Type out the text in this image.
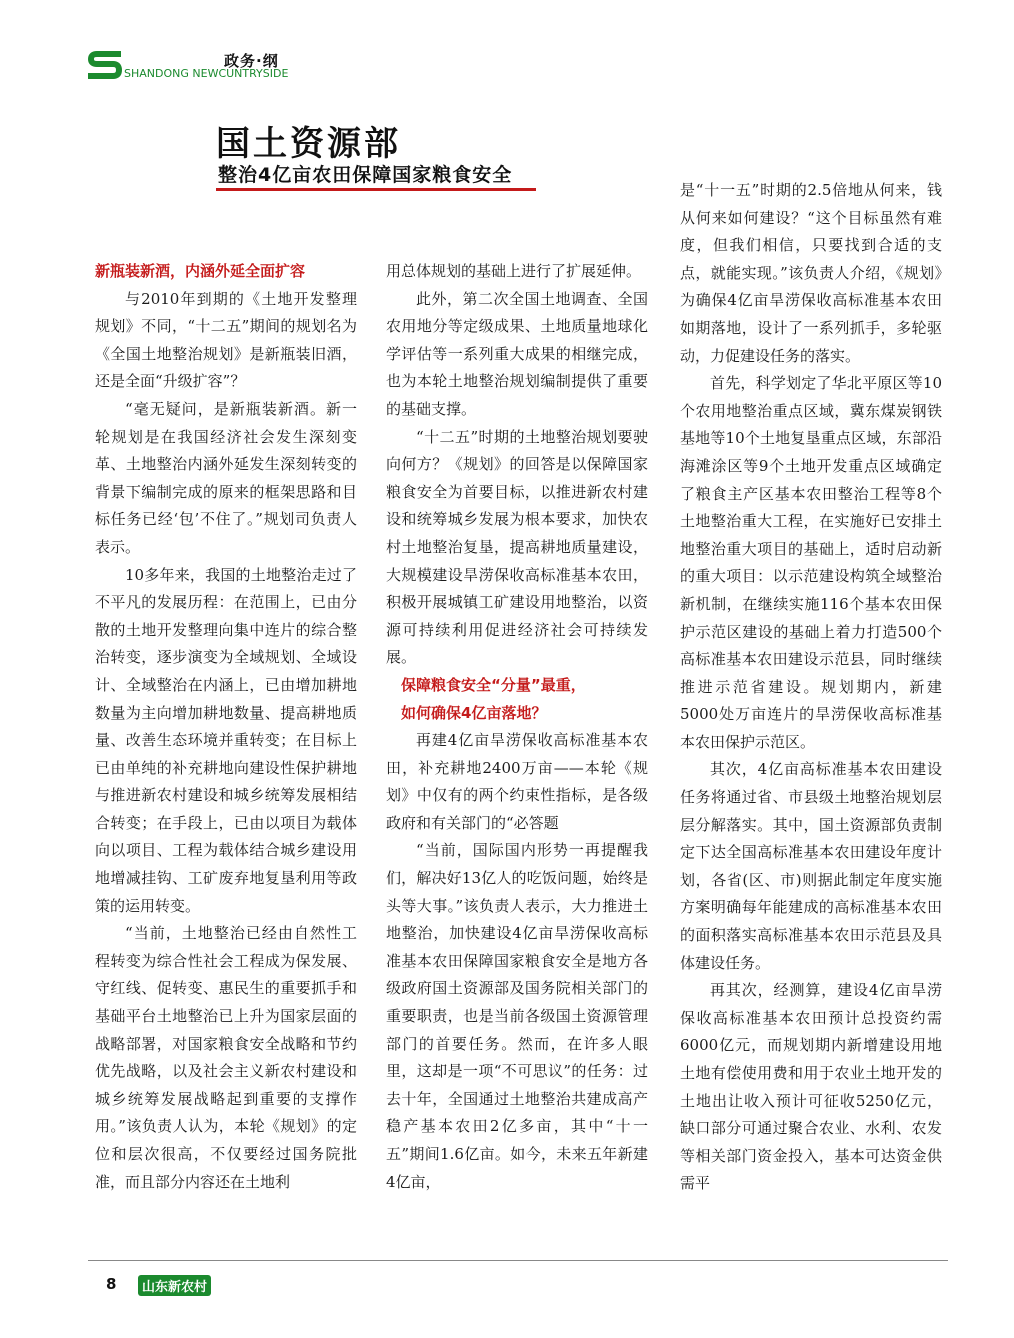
政务·纲
SHANDONG NEWCUNTRYSIDE
国土资源部
整治4亿亩农田保障国家粮食安全

新瓶装新酒，内涵外延全面扩容

与2010年到期的《土地开发整理规划》不同，“十二五”期间的规划名为《全国土地整治规划》是新瓶装旧酒，还是全面“升级扩容”？

“毫无疑问，是新瓶装新酒。新一轮规划是在我国经济社会发生深刻变革、土地整治内涵外延发生深刻转变的背景下编制完成的原来的框架思路和目标任务已经‘包’不住了。”规划司负责人表示。

10多年来，我国的土地整治走过了不平凡的发展历程：在范围上，已由分散的土地开发整理向集中连片的综合整治转变，逐步演变为全域规划、全域设计、全域整治在内涵上，已由增加耕地数量为主向增加耕地数量、提高耕地质量、改善生态环境并重转变；在目标上已由单纯的补充耕地向建设性保护耕地与推进新农村建设和城乡统筹发展相结合转变；在手段上，已由以项目为载体向以项目、工程为载体结合城乡建设用地增减挂钩、工矿废弃地复垦利用等政策的运用转变。

“当前，土地整治已经由自然性工程转变为综合性社会工程成为保发展、守红线、促转变、惠民生的重要抓手和基础平台土地整治已上升为国家层面的战略部署，对国家粮食安全战略和节约优先战略，以及社会主义新农村建设和城乡统筹发展战略起到重要的支撑作用。”该负责人认为，本轮《规划》的定位和层次很高，不仅要经过国务院批准，而且部分内容还在土地利

用总体规划的基础上进行了扩展延伸。

此外，第二次全国土地调查、全国农用地分等定级成果、土地质量地球化学评估等一系列重大成果的相继完成，也为本轮土地整治规划编制提供了重要的基础支撑。

“十二五”时期的土地整治规划要驶向何方？《规划》的回答是以保障国家粮食安全为首要目标，以推进新农村建设和统筹城乡发展为根本要求，加快农村土地整治复垦，提高耕地质量建设，大规模建设旱涝保收高标准基本农田，积极开展城镇工矿建设用地整治，以资源可持续利用促进经济社会可持续发展。

保障粮食安全“分量”最重，

如何确保4亿亩落地？

再建4亿亩旱涝保收高标准基本农田，补充耕地2400万亩——本轮《规划》中仅有的两个约束性指标，是各级政府和有关部门的“必答题

“当前，国际国内形势一再提醒我们，解决好13亿人的吃饭问题，始终是头等大事。”该负责人表示，大力推进土地整治，加快建设4亿亩旱涝保收高标准基本农田保障国家粮食安全是地方各级政府国土资源部及国务院相关部门的重要职责，也是当前各级国土资源管理部门的首要任务。然而，在许多人眼里，这却是一项“不可思议”的任务：过去十年，全国通过土地整治共建成高产稳产基本农田2亿多亩，其中“十一五”期间1.6亿亩。如今，未来五年新建4亿亩，

是“十一五”时期的2.5倍地从何来，钱从何来如何建设？“这个目标虽然有难度，但我们相信，只要找到合适的支点，就能实现。”该负责人介绍，《规划》为确保4亿亩旱涝保收高标准基本农田如期落地，设计了一系列抓手，多轮驱动，力促建设任务的落实。

首先，科学划定了华北平原区等10个农用地整治重点区域，冀东煤炭钢铁基地等10个土地复垦重点区域，东部沿海滩涂区等9个土地开发重点区域确定了粮食主产区基本农田整治工程等8个土地整治重大工程，在实施好已安排土地整治重大项目的基础上，适时启动新的重大项目：以示范建设构筑全域整治新机制，在继续实施116个基本农田保护示范区建设的基础上着力打造500个高标准基本农田建设示范县，同时继续推进示范省建设。规划期内，新建5000处万亩连片的旱涝保收高标准基本农田保护示范区。

其次，4亿亩高标准基本农田建设任务将通过省、市县级土地整治规划层层分解落实。其中，国土资源部负责制定下达全国高标准基本农田建设年度计划，各省(区、市)则据此制定年度实施方案明确每年能建成的高标准基本农田的面积落实高标准基本农田示范县及具体建设任务。

再其次，经测算，建设4亿亩旱涝保收高标准基本农田预计总投资约需6000亿元，而规划期内新增建设用地土地有偿使用费和用于农业土地开发的土地出让收入预计可征收5250亿元，缺口部分可通过聚合农业、水利、农发等相关部门资金投入，基本可达资金供需平

8	山东新农村
